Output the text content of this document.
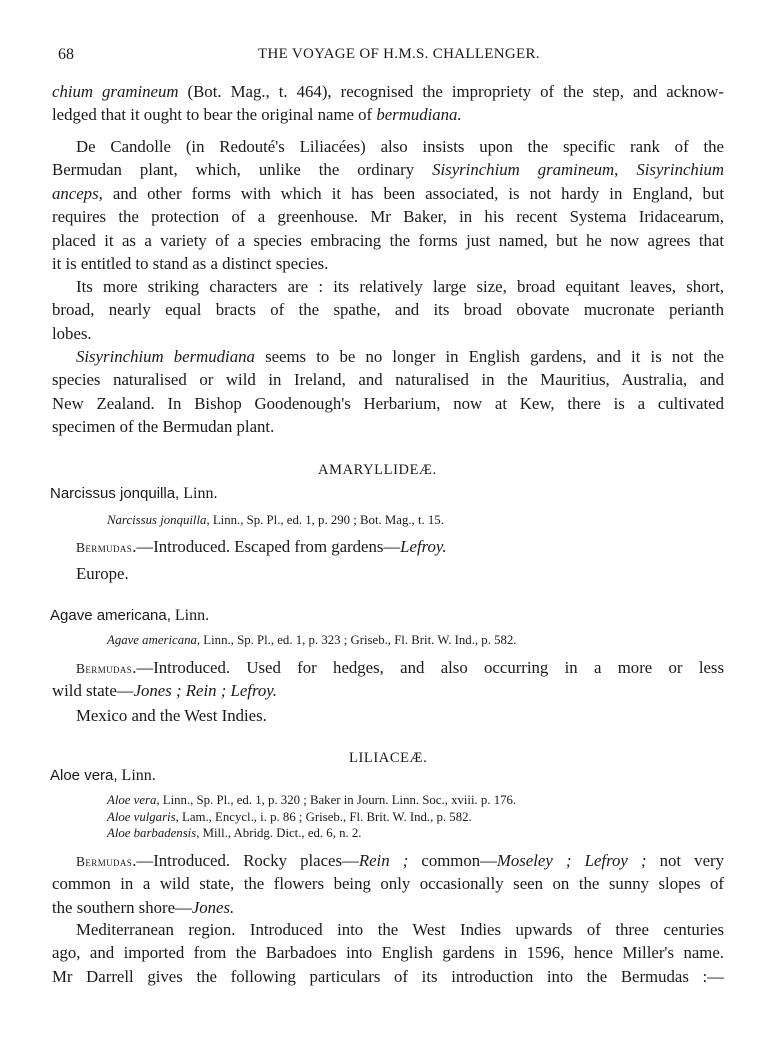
68	THE VOYAGE OF H.M.S. CHALLENGER.
chium gramineum (Bot. Mag., t. 464), recognised the impropriety of the step, and acknow-
ledged that it ought to bear the original name of bermudiana.
De Candolle (in Redouté's Liliacées) also insists upon the specific rank of the
Bermudan plant, which, unlike the ordinary Sisyrinchium gramineum, Sisyrinchium
anceps, and other forms with which it has been associated, is not hardy in England, but
requires the protection of a greenhouse. Mr Baker, in his recent Systema Iridacearum,
placed it as a variety of a species embracing the forms just named, but he now agrees that
it is entitled to stand as a distinct species.
Its more striking characters are : its relatively large size, broad equitant leaves, short,
broad, nearly equal bracts of the spathe, and its broad obovate mucronate perianth
lobes.
Sisyrinchium bermudiana seems to be no longer in English gardens, and it is not the
species naturalised or wild in Ireland, and naturalised in the Mauritius, Australia, and
New Zealand. In Bishop Goodenough's Herbarium, now at Kew, there is a cultivated
specimen of the Bermudan plant.
AMARYLLIDEÆ.
Narcissus jonquilla, Linn.
Narcissus jonquilla, Linn., Sp. Pl., ed. 1, p. 290 ; Bot. Mag., t. 15.
Bermudas.—Introduced. Escaped from gardens—Lefroy.
Europe.
Agave americana, Linn.
Agave americana, Linn., Sp. Pl., ed. 1, p. 323 ; Griseb., Fl. Brit. W. Ind., p. 582.
Bermudas.—Introduced. Used for hedges, and also occurring in a more or less
wild state—Jones ; Rein ; Lefroy.
Mexico and the West Indies.
LILIACEÆ.
Aloe vera, Linn.
Aloe vera, Linn., Sp. Pl., ed. 1, p. 320 ; Baker in Journ. Linn. Soc., xviii. p. 176.
Aloe vulgaris, Lam., Encycl., i. p. 86 ; Griseb., Fl. Brit. W. Ind., p. 582.
Aloe barbadensis, Mill., Abridg. Dict., ed. 6, n. 2.
Bermudas.—Introduced. Rocky places—Rein ; common—Moseley ; Lefroy ; not very
common in a wild state, the flowers being only occasionally seen on the sunny slopes of
the southern shore—Jones.
Mediterranean region. Introduced into the West Indies upwards of three centuries
ago, and imported from the Barbadoes into English gardens in 1596, hence Miller's name.
Mr Darrell gives the following particulars of its introduction into the Bermudas :—
